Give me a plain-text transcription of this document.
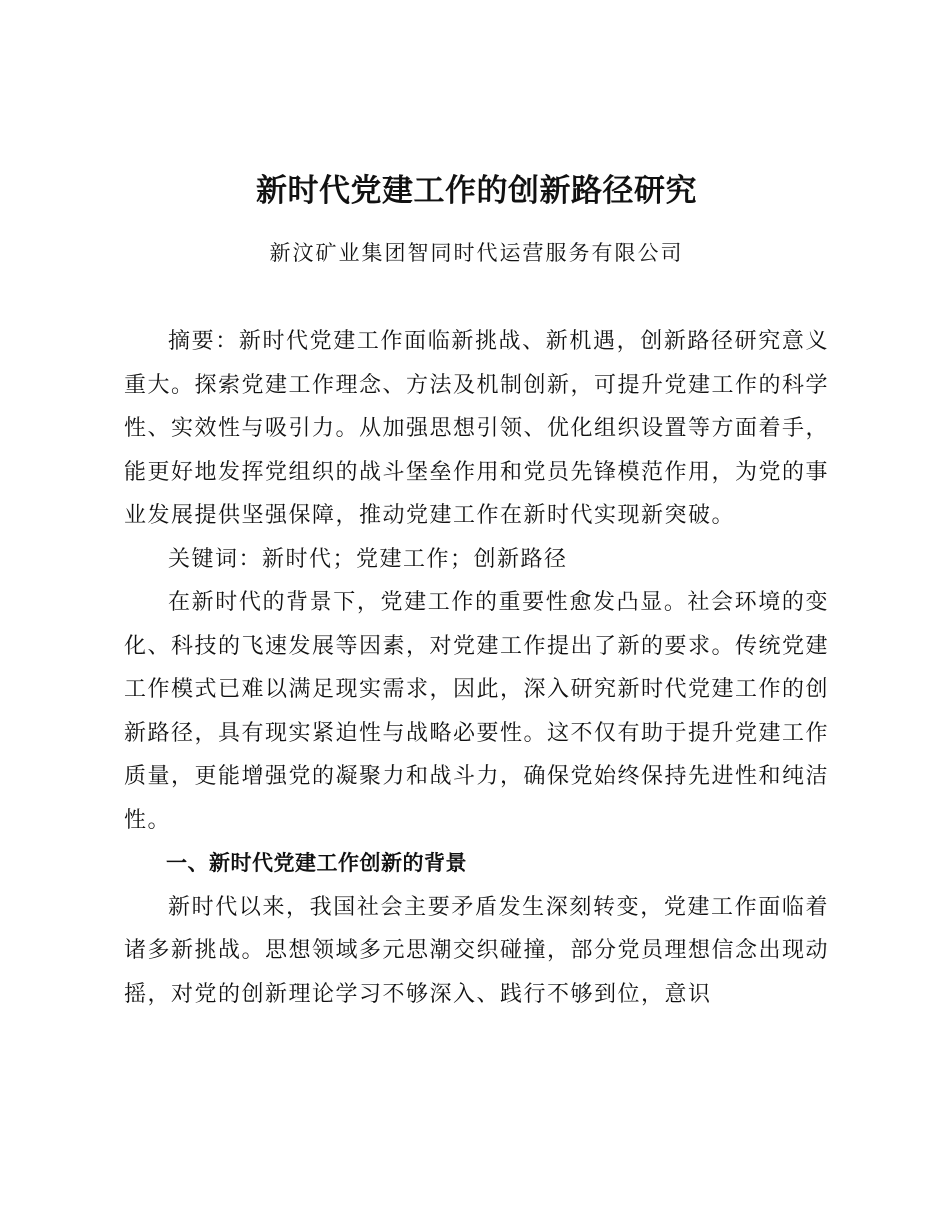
新时代党建工作的创新路径研究

新汶矿业集团智同时代运营服务有限公司

摘要：新时代党建工作面临新挑战、新机遇，创新路径研究意义重大。探索党建工作理念、方法及机制创新，可提升党建工作的科学性、实效性与吸引力。从加强思想引领、优化组织设置等方面着手，能更好地发挥党组织的战斗堡垒作用和党员先锋模范作用，为党的事业发展提供坚强保障，推动党建工作在新时代实现新突破。

关键词：新时代；党建工作；创新路径

在新时代的背景下，党建工作的重要性愈发凸显。社会环境的变化、科技的飞速发展等因素，对党建工作提出了新的要求。传统党建工作模式已难以满足现实需求，因此，深入研究新时代党建工作的创新路径，具有现实紧迫性与战略必要性。这不仅有助于提升党建工作质量，更能增强党的凝聚力和战斗力，确保党始终保持先进性和纯洁性。

一、新时代党建工作创新的背景

新时代以来，我国社会主要矛盾发生深刻转变，党建工作面临着诸多新挑战。思想领域多元思潮交织碰撞，部分党员理想信念出现动摇，对党的创新理论学习不够深入、践行不够到位，意识
